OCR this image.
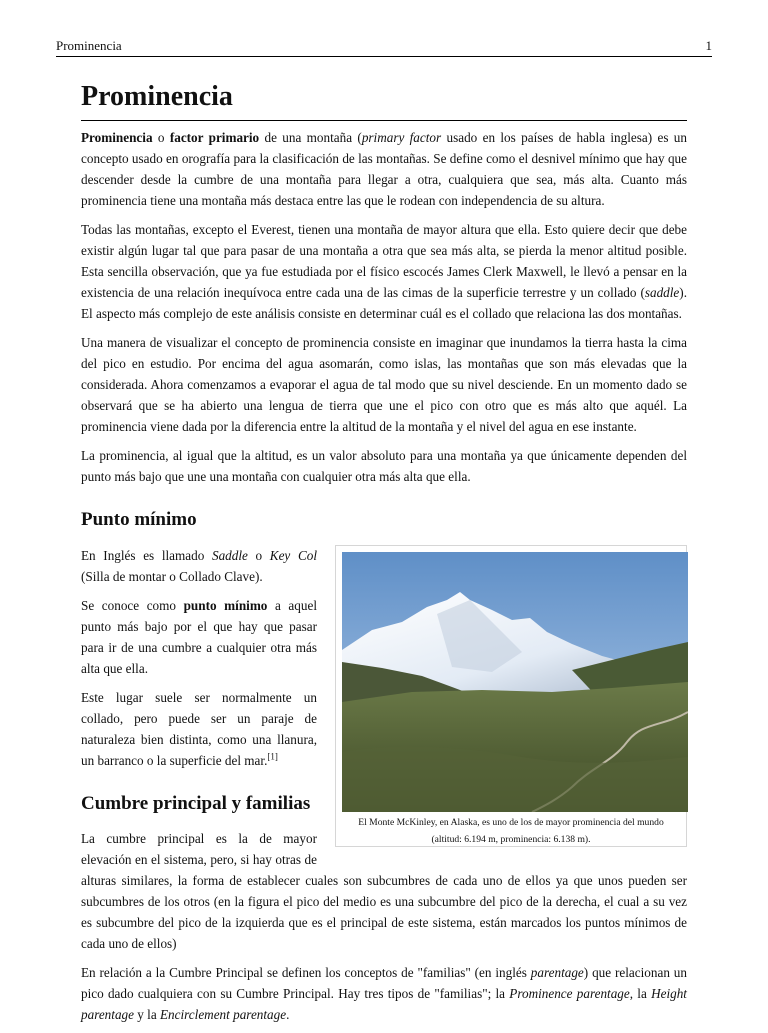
Prominencia	1
Prominencia

Prominencia o factor primario de una montaña (primary factor usado en los países de habla inglesa) es un concepto usado en orografía para la clasificación de las montañas. Se define como el desnivel mínimo que hay que descender desde la cumbre de una montaña para llegar a otra, cualquiera que sea, más alta. Cuanto más prominencia tiene una montaña más destaca entre las que le rodean con independencia de su altura.

Todas las montañas, excepto el Everest, tienen una montaña de mayor altura que ella. Esto quiere decir que debe existir algún lugar tal que para pasar de una montaña a otra que sea más alta, se pierda la menor altitud posible. Esta sencilla observación, que ya fue estudiada por el físico escocés James Clerk Maxwell, le llevó a pensar en la existencia de una relación inequívoca entre cada una de las cimas de la superficie terrestre y un collado (saddle). El aspecto más complejo de este análisis consiste en determinar cuál es el collado que relaciona las dos montañas.

Una manera de visualizar el concepto de prominencia consiste en imaginar que inundamos la tierra hasta la cima del pico en estudio. Por encima del agua asomarán, como islas, las montañas que son más elevadas que la considerada. Ahora comenzamos a evaporar el agua de tal modo que su nivel desciende. En un momento dado se observará que se ha abierto una lengua de tierra que une el pico con otro que es más alto que aquél. La prominencia viene dada por la diferencia entre la altitud de la montaña y el nivel del agua en ese instante.

La prominencia, al igual que la altitud, es un valor absoluto para una montaña ya que únicamente dependen del punto más bajo que une una montaña con cualquier otra más alta que ella.

Punto mínimo
El Monte McKinley, en Alaska, es uno de los de mayor prominencia del mundo
(altitud: 6.194 m, prominencia: 6.138 m).

En Inglés es llamado Saddle o Key Col (Silla de montar o Collado Clave).

Se conoce como punto mínimo a aquel punto más bajo por el que hay que pasar para ir de una cumbre a cualquier otra más alta que ella.

Este lugar suele ser normalmente un collado, pero puede ser un paraje de naturaleza bien distinta, como una llanura, un barranco o la superficie del mar.[1]

Cumbre principal y familias

La cumbre principal es la de mayor elevación en el sistema, pero, si hay otras de alturas similares, la forma de establecer cuales son subcumbres de cada uno de ellos ya que unos pueden ser subcumbres de los otros (en la figura el pico del medio es una subcumbre del pico de la derecha, el cual a su vez es subcumbre del pico de la izquierda que es el principal de este sistema, están marcados los puntos mínimos de cada uno de ellos)

En relación a la Cumbre Principal se definen los conceptos de "familias" (en inglés parentage) que relacionan un pico dado cualquiera con su Cumbre Principal. Hay tres tipos de "familias"; la Prominence parentage, la Height parentage y la Encirclement parentage.
